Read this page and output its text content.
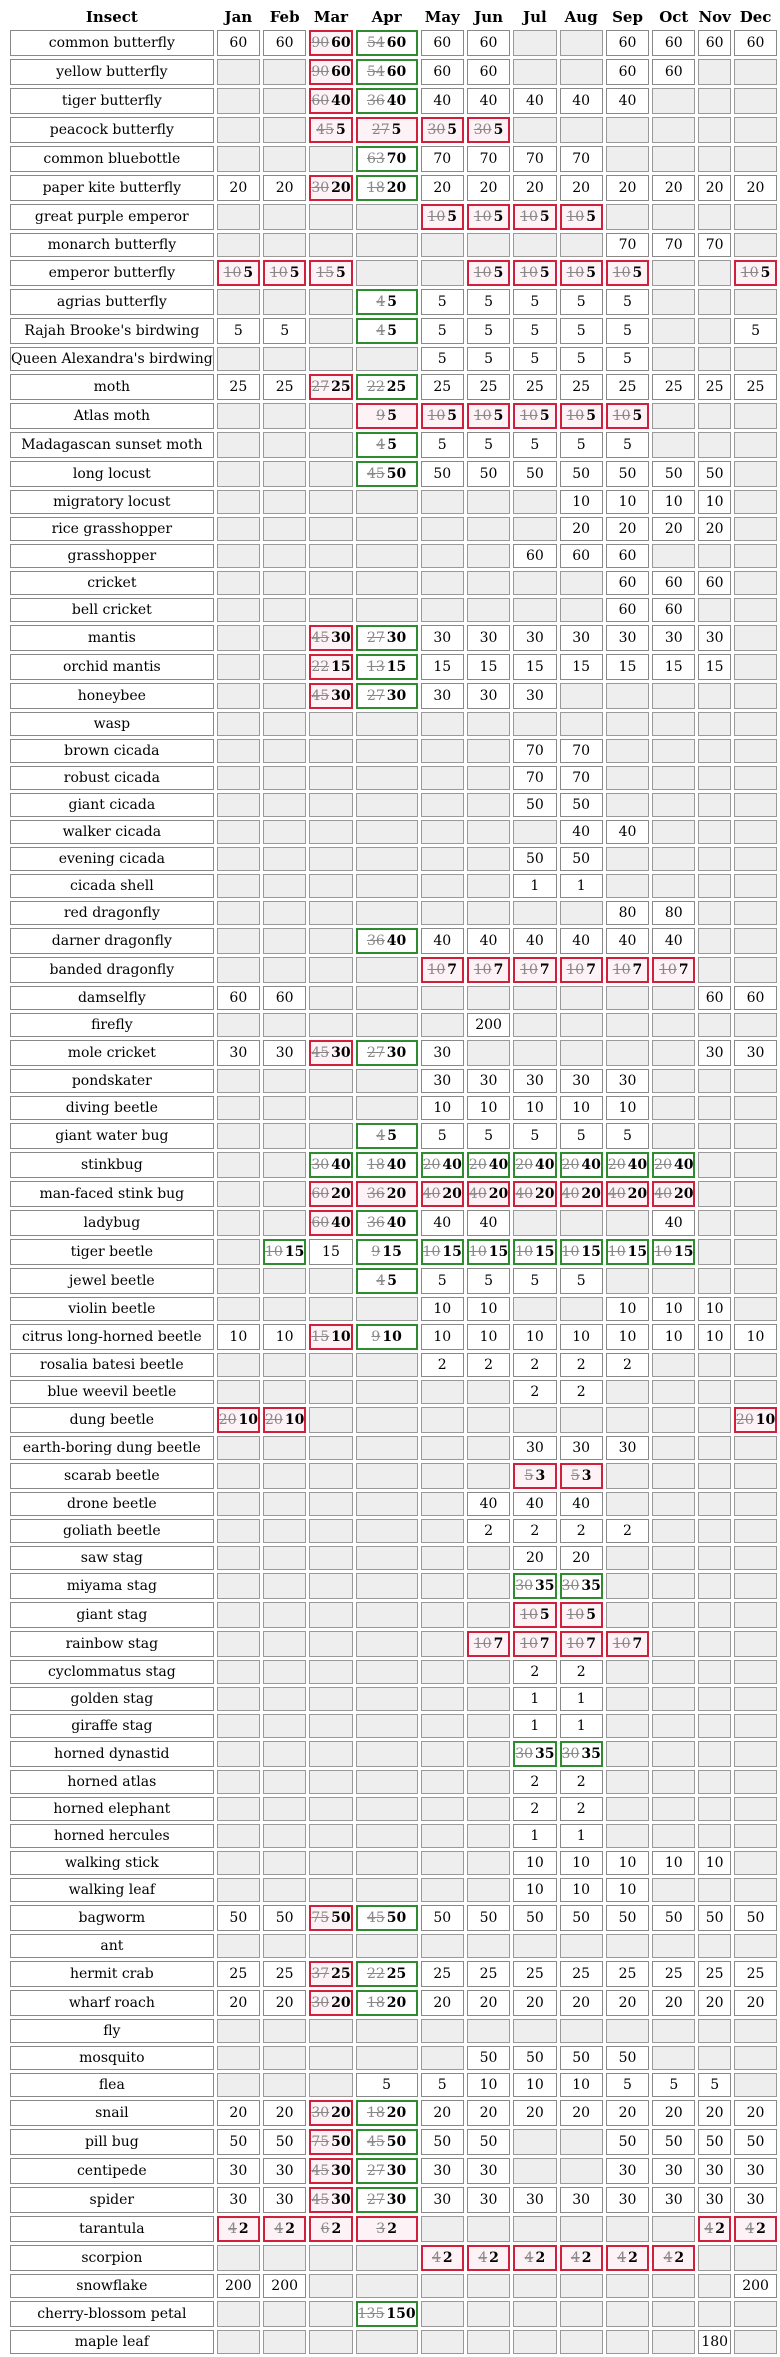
Insect	Jan	Feb	Mar	Apr	May	Jun	Jul	Aug	Sep	Oct	Nov	Dec
common butterfly	60	60	90 60	54 60	60	60			60	60	60	60
yellow butterfly			90 60	54 60	60	60			60	60		
tiger butterfly			60 40	36 40	40	40	40	40	40			
peacock butterfly			45 5	27 5	30 5	30 5						
common bluebottle				63 70	70	70	70	70				
paper kite butterfly	20	20	30 20	18 20	20	20	20	20	20	20	20	20
great purple emperor					10 5	10 5	10 5	10 5				
monarch butterfly									70	70	70	
emperor butterfly	10 5	10 5	15 5			10 5	10 5	10 5	10 5			10 5
agrias butterfly				4 5	5	5	5	5	5			
Rajah Brooke's birdwing	5	5		4 5	5	5	5	5	5			5
Queen Alexandra's birdwing					5	5	5	5	5			
moth	25	25	27 25	22 25	25	25	25	25	25	25	25	25
Atlas moth				9 5	10 5	10 5	10 5	10 5	10 5			
Madagascan sunset moth				4 5	5	5	5	5	5			
long locust				45 50	50	50	50	50	50	50	50	
migratory locust								10	10	10	10	
rice grasshopper								20	20	20	20	
grasshopper							60	60	60			
cricket									60	60	60	
bell cricket									60	60		
mantis			45 30	27 30	30	30	30	30	30	30	30	
orchid mantis			22 15	13 15	15	15	15	15	15	15	15	
honeybee			45 30	27 30	30	30	30					
wasp												
brown cicada							70	70				
robust cicada							70	70				
giant cicada							50	50				
walker cicada								40	40			
evening cicada							50	50				
cicada shell							1	1				
red dragonfly									80	80		
darner dragonfly				36 40	40	40	40	40	40	40		
banded dragonfly					10 7	10 7	10 7	10 7	10 7	10 7		
damselfly	60	60									60	60
firefly						200						
mole cricket	30	30	45 30	27 30	30						30	30
pondskater					30	30	30	30	30			
diving beetle					10	10	10	10	10			
giant water bug				4 5	5	5	5	5	5			
stinkbug			30 40	18 40	20 40	20 40	20 40	20 40	20 40	20 40		
man-faced stink bug			60 20	36 20	40 20	40 20	40 20	40 20	40 20	40 20		
ladybug			60 40	36 40	40	40				40		
tiger beetle		10 15	15	9 15	10 15	10 15	10 15	10 15	10 15	10 15		
jewel beetle				4 5	5	5	5	5				
violin beetle					10	10			10	10	10	
citrus long-horned beetle	10	10	15 10	9 10	10	10	10	10	10	10	10	10
rosalia batesi beetle					2	2	2	2	2			
blue weevil beetle							2	2				
dung beetle	20 10	20 10										20 10
earth-boring dung beetle							30	30	30			
scarab beetle							5 3	5 3				
drone beetle						40	40	40				
goliath beetle						2	2	2	2			
saw stag							20	20				
miyama stag							30 35	30 35				
giant stag							10 5	10 5				
rainbow stag						10 7	10 7	10 7	10 7			
cyclommatus stag							2	2				
golden stag							1	1				
giraffe stag							1	1				
horned dynastid							30 35	30 35				
horned atlas							2	2				
horned elephant							2	2				
horned hercules							1	1				
walking stick							10	10	10	10	10	
walking leaf							10	10	10			
bagworm	50	50	75 50	45 50	50	50	50	50	50	50	50	50
ant												
hermit crab	25	25	37 25	22 25	25	25	25	25	25	25	25	25
wharf roach	20	20	30 20	18 20	20	20	20	20	20	20	20	20
fly												
mosquito						50	50	50	50			
flea				5	5	10	10	10	5	5	5	
snail	20	20	30 20	18 20	20	20	20	20	20	20	20	20
pill bug	50	50	75 50	45 50	50	50			50	50	50	50
centipede	30	30	45 30	27 30	30	30			30	30	30	30
spider	30	30	45 30	27 30	30	30	30	30	30	30	30	30
tarantula	4 2	4 2	6 2	3 2							4 2	4 2
scorpion					4 2	4 2	4 2	4 2	4 2	4 2		
snowflake	200	200										200
cherry-blossom petal				135 150								
maple leaf											180	
